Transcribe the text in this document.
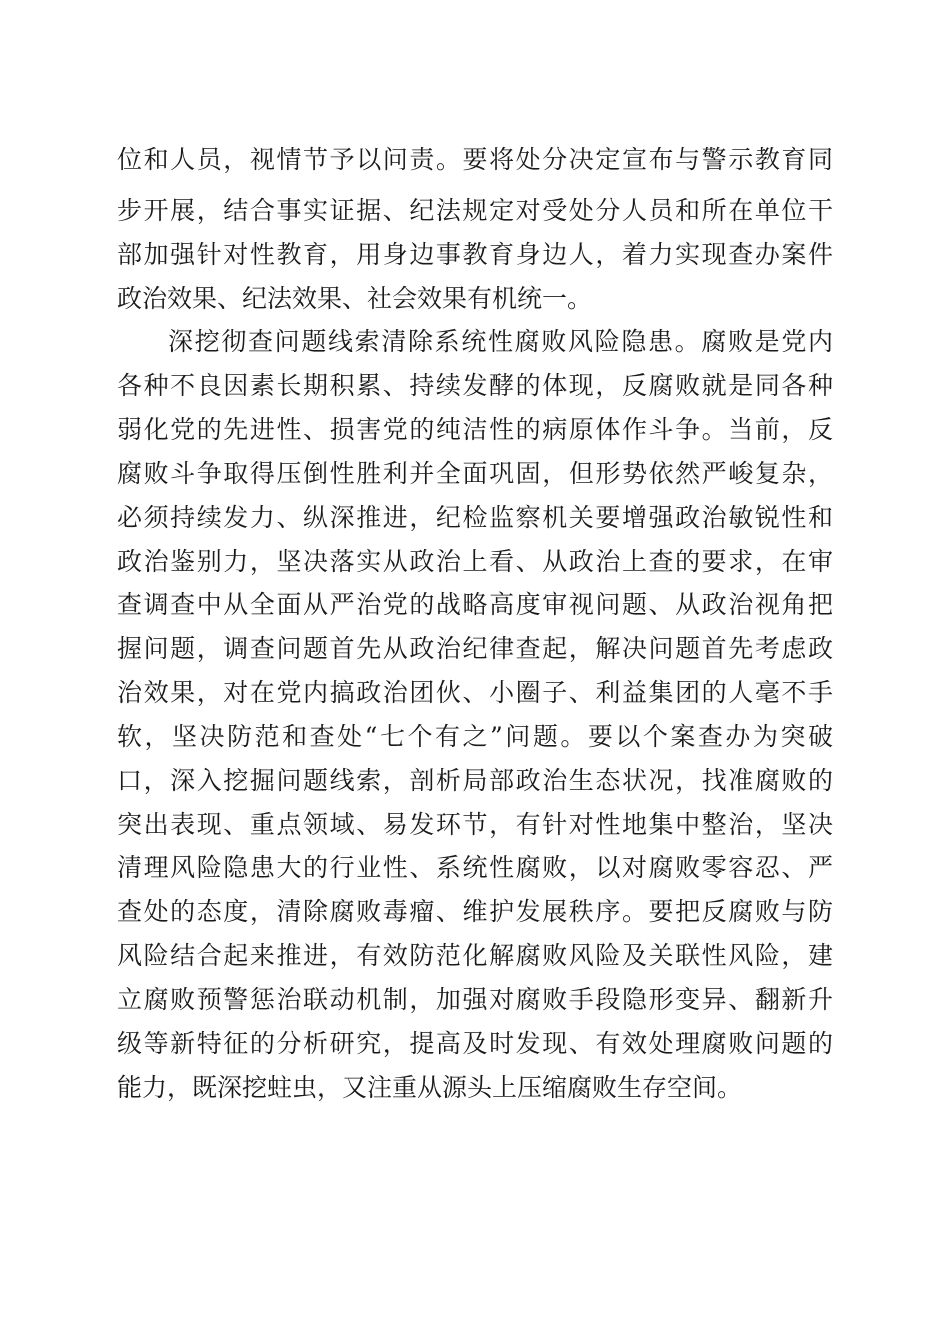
位和人员，视情节予以问责。要将处分决定宣布与警示教育同
步开展，结合事实证据、纪法规定对受处分人员和所在单位干
部加强针对性教育，用身边事教育身边人，着力实现查办案件
政治效果、纪法效果、社会效果有机统一。
深挖彻查问题线索清除系统性腐败风险隐患。腐败是党内
各种不良因素长期积累、持续发酵的体现，反腐败就是同各种
弱化党的先进性、损害党的纯洁性的病原体作斗争。当前，反
腐败斗争取得压倒性胜利并全面巩固，但形势依然严峻复杂，
必须持续发力、纵深推进，纪检监察机关要增强政治敏锐性和
政治鉴别力，坚决落实从政治上看、从政治上查的要求，在审
查调查中从全面从严治党的战略高度审视问题、从政治视角把
握问题，调查问题首先从政治纪律查起，解决问题首先考虑政
治效果，对在党内搞政治团伙、小圈子、利益集团的人毫不手
软，坚决防范和查处“七个有之”问题。要以个案查办为突破
口，深入挖掘问题线索，剖析局部政治生态状况，找准腐败的
突出表现、重点领域、易发环节，有针对性地集中整治，坚决
清理风险隐患大的行业性、系统性腐败，以对腐败零容忍、严
查处的态度，清除腐败毒瘤、维护发展秩序。要把反腐败与防
风险结合起来推进，有效防范化解腐败风险及关联性风险，建
立腐败预警惩治联动机制，加强对腐败手段隐形变异、翻新升
级等新特征的分析研究，提高及时发现、有效处理腐败问题的
能力，既深挖蛀虫，又注重从源头上压缩腐败生存空间。
